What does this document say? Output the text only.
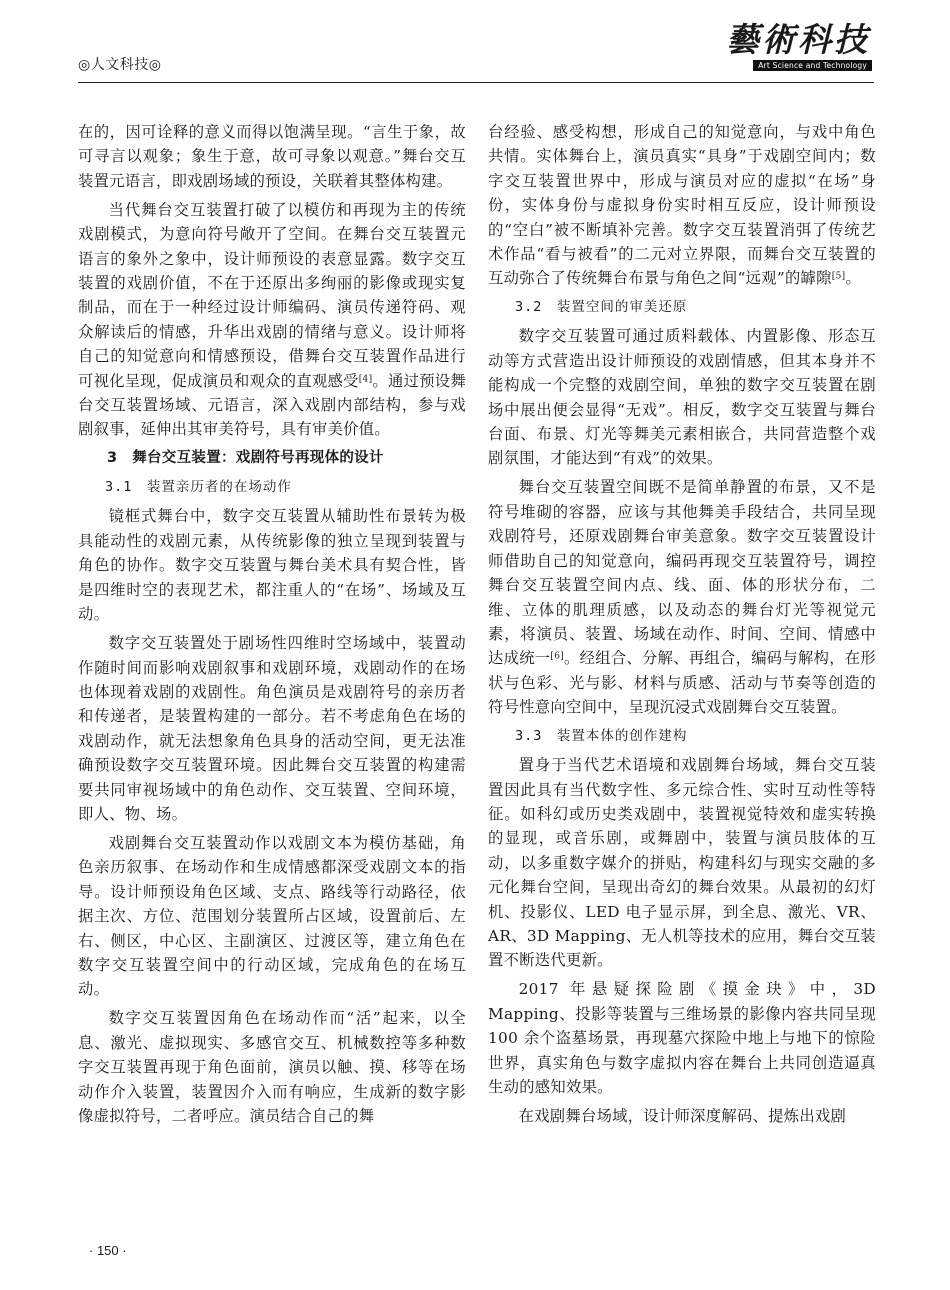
◎人文科技◎
藝術科技
Art Science and Technology

在的，因可诠释的意义而得以饱满呈现。“言生于象，故可寻言以观象；象生于意，故可寻象以观意。”舞台交互装置元语言，即戏剧场域的预设，关联着其整体构建。

当代舞台交互装置打破了以模仿和再现为主的传统戏剧模式，为意向符号敞开了空间。在舞台交互装置元语言的象外之象中，设计师预设的表意显露。数字交互装置的戏剧价值，不在于还原出多绚丽的影像或现实复制品，而在于一种经过设计师编码、演员传递符码、观众解读后的情感，升华出戏剧的情绪与意义。设计师将自己的知觉意向和情感预设，借舞台交互装置作品进行可视化呈现，促成演员和观众的直观感受[4]。通过预设舞台交互装置场域、元语言，深入戏剧内部结构，参与戏剧叙事，延伸出其审美符号，具有审美价值。

3　舞台交互装置：戏剧符号再现体的设计

3.1　装置亲历者的在场动作

镜框式舞台中，数字交互装置从辅助性布景转为极具能动性的戏剧元素，从传统影像的独立呈现到装置与角色的协作。数字交互装置与舞台美术具有契合性，皆是四维时空的表现艺术，都注重人的“在场”、场域及互动。

数字交互装置处于剧场性四维时空场域中，装置动作随时间而影响戏剧叙事和戏剧环境，戏剧动作的在场也体现着戏剧的戏剧性。角色演员是戏剧符号的亲历者和传递者，是装置构建的一部分。若不考虑角色在场的戏剧动作，就无法想象角色具身的活动空间，更无法准确预设数字交互装置环境。因此舞台交互装置的构建需要共同审视场域中的角色动作、交互装置、空间环境，即人、物、场。

戏剧舞台交互装置动作以戏剧文本为模仿基础，角色亲历叙事、在场动作和生成情感都深受戏剧文本的指导。设计师预设角色区域、支点、路线等行动路径，依据主次、方位、范围划分装置所占区域，设置前后、左右、侧区，中心区、主副演区、过渡区等，建立角色在数字交互装置空间中的行动区域，完成角色的在场互动。

数字交互装置因角色在场动作而“活”起来，以全息、激光、虚拟现实、多感官交互、机械数控等多种数字交互装置再现于角色面前，演员以触、摸、移等在场动作介入装置，装置因介入而有响应，生成新的数字影像虚拟符号，二者呼应。演员结合自己的舞

台经验、感受构想，形成自己的知觉意向，与戏中角色共情。实体舞台上，演员真实“具身”于戏剧空间内；数字交互装置世界中，形成与演员对应的虚拟“在场”身份，实体身份与虚拟身份实时相互反应，设计师预设的“空白”被不断填补完善。数字交互装置消弭了传统艺术作品“看与被看”的二元对立界限，而舞台交互装置的互动弥合了传统舞台布景与角色之间“远观”的罅隙[5]。

3.2　装置空间的审美还原

数字交互装置可通过质料载体、内置影像、形态互动等方式营造出设计师预设的戏剧情感，但其本身并不能构成一个完整的戏剧空间，单独的数字交互装置在剧场中展出便会显得“无戏”。相反，数字交互装置与舞台台面、布景、灯光等舞美元素相嵌合，共同营造整个戏剧氛围，才能达到“有戏”的效果。

舞台交互装置空间既不是简单静置的布景，又不是符号堆砌的容器，应该与其他舞美手段结合，共同呈现戏剧符号，还原戏剧舞台审美意象。数字交互装置设计师借助自己的知觉意向，编码再现交互装置符号，调控舞台交互装置空间内点、线、面、体的形状分布，二维、立体的肌理质感，以及动态的舞台灯光等视觉元素，将演员、装置、场域在动作、时间、空间、情感中达成统一[6]。经组合、分解、再组合，编码与解构，在形状与色彩、光与影、材料与质感、活动与节奏等创造的符号性意向空间中，呈现沉浸式戏剧舞台交互装置。

3.3　装置本体的创作建构

置身于当代艺术语境和戏剧舞台场域，舞台交互装置因此具有当代数字性、多元综合性、实时互动性等特征。如科幻或历史类戏剧中，装置视觉特效和虚实转换的显现，或音乐剧，或舞剧中，装置与演员肢体的互动，以多重数字媒介的拼贴，构建科幻与现实交融的多元化舞台空间，呈现出奇幻的舞台效果。从最初的幻灯机、投影仪、LED 电子显示屏，到全息、激光、VR、AR、3D Mapping、无人机等技术的应用，舞台交互装置不断迭代更新。

2017 年悬疑探险剧《摸金玦》中，3D Mapping、投影等装置与三维场景的影像内容共同呈现 100 余个盗墓场景，再现墓穴探险中地上与地下的惊险世界，真实角色与数字虚拟内容在舞台上共同创造逼真生动的感知效果。

在戏剧舞台场域，设计师深度解码、提炼出戏剧

· 150 ·
